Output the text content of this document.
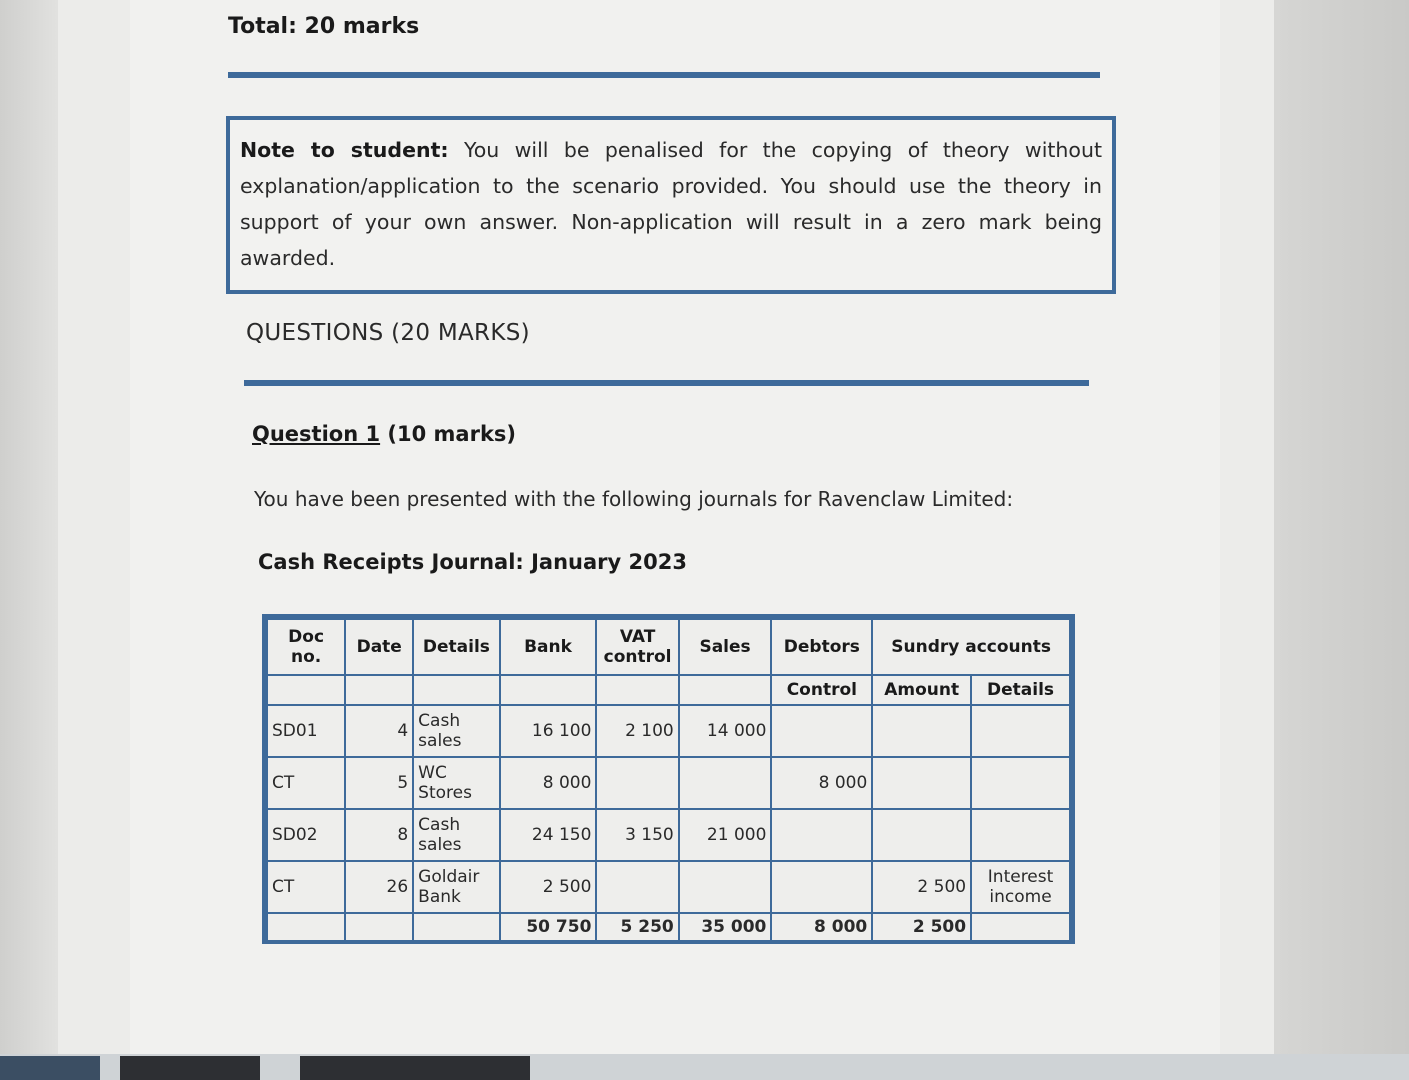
Total: 20 marks
Note to student: You will be penalised for the copying of theory without explanation/application to the scenario provided. You should use the theory in support of your own answer. Non-application will result in a zero mark being awarded.
QUESTIONS (20 MARKS)
Question 1 (10 marks)
You have been presented with the following journals for Ravenclaw Limited:
Cash Receipts Journal: January 2023
Doc no.	Date	Details	Bank	VAT control	Sales	Debtors	Sundry accounts	
						Control	Amount	Details
SD01	4	Cash sales	16 100	2 100	14 000			
CT	5	WC Stores	8 000			8 000		
SD02	8	Cash sales	24 150	3 150	21 000			
CT	26	Goldair Bank	2 500				2 500	Interest income
			50 750	5 250	35 000	8 000	2 500	
